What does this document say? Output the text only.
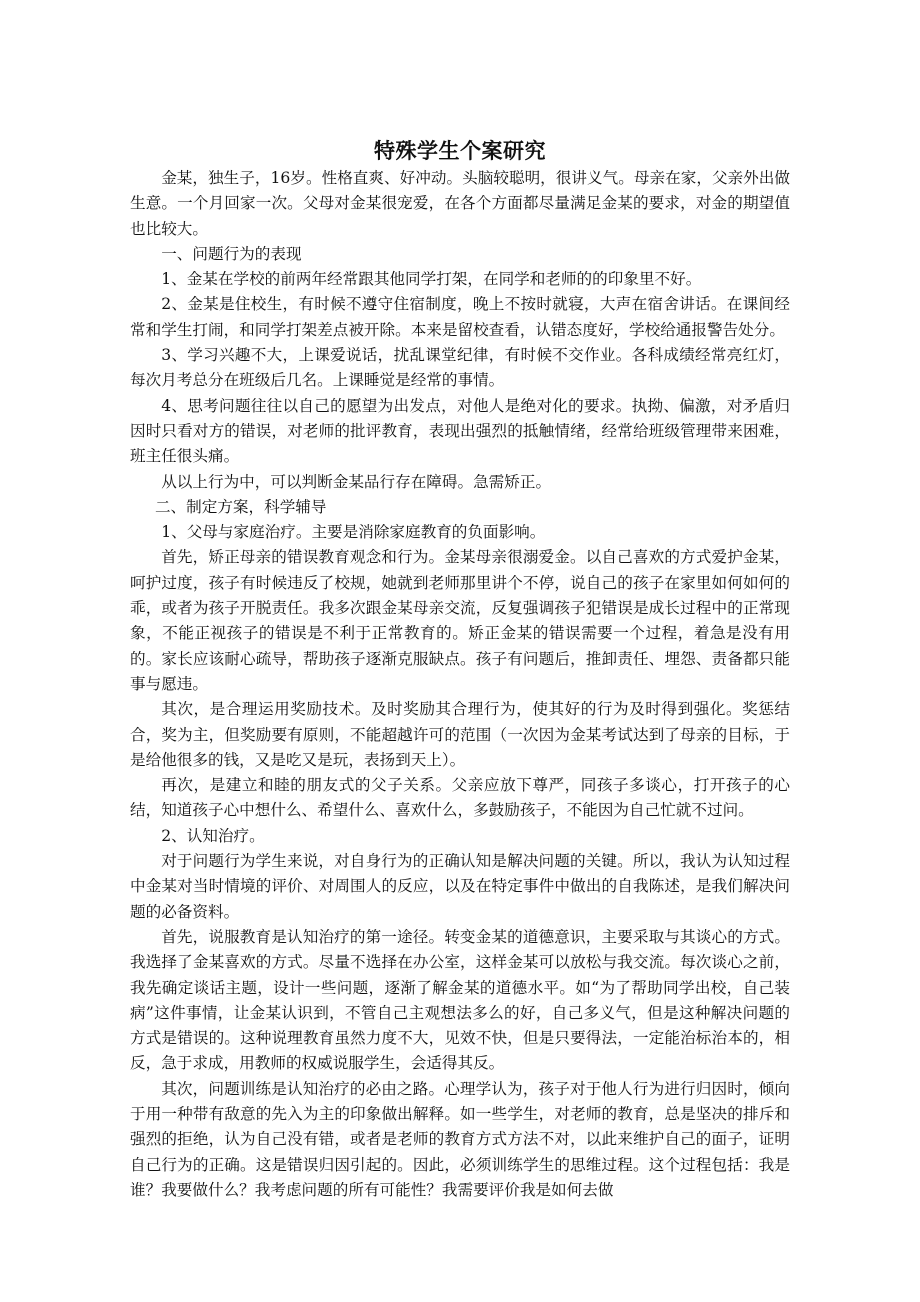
特殊学生个案研究

金某，独生子，16岁。性格直爽、好冲动。头脑较聪明，很讲义气。母亲在家，父亲外出做生意。一个月回家一次。父母对金某很宠爱，在各个方面都尽量满足金某的要求，对金的期望值也比较大。

一、问题行为的表现

1、金某在学校的前两年经常跟其他同学打架，在同学和老师的的印象里不好。

2、金某是住校生，有时候不遵守住宿制度，晚上不按时就寝，大声在宿舍讲话。在课间经常和学生打闹，和同学打架差点被开除。本来是留校查看，认错态度好，学校给通报警告处分。

3、学习兴趣不大，上课爱说话，扰乱课堂纪律，有时候不交作业。各科成绩经常亮红灯，每次月考总分在班级后几名。上课睡觉是经常的事情。

4、思考问题往往以自己的愿望为出发点，对他人是绝对化的要求。执拗、偏激，对矛盾归因时只看对方的错误，对老师的批评教育，表现出强烈的抵触情绪，经常给班级管理带来困难，班主任很头痛。

从以上行为中，可以判断金某品行存在障碍。急需矫正。

二、制定方案，科学辅导

1、父母与家庭治疗。主要是消除家庭教育的负面影响。

首先，矫正母亲的错误教育观念和行为。金某母亲很溺爱金。以自己喜欢的方式爱护金某，呵护过度，孩子有时候违反了校规，她就到老师那里讲个不停，说自己的孩子在家里如何如何的乖，或者为孩子开脱责任。我多次跟金某母亲交流，反复强调孩子犯错误是成长过程中的正常现象，不能正视孩子的错误是不利于正常教育的。矫正金某的错误需要一个过程，着急是没有用的。家长应该耐心疏导，帮助孩子逐渐克服缺点。孩子有问题后，推卸责任、埋怨、责备都只能事与愿违。

其次，是合理运用奖励技术。及时奖励其合理行为，使其好的行为及时得到强化。奖惩结合，奖为主，但奖励要有原则，不能超越许可的范围（一次因为金某考试达到了母亲的目标，于是给他很多的钱，又是吃又是玩，表扬到天上）。

再次，是建立和睦的朋友式的父子关系。父亲应放下尊严，同孩子多谈心，打开孩子的心结，知道孩子心中想什么、希望什么、喜欢什么，多鼓励孩子，不能因为自己忙就不过问。

2、认知治疗。

对于问题行为学生来说，对自身行为的正确认知是解决问题的关键。所以，我认为认知过程中金某对当时情境的评价、对周围人的反应，以及在特定事件中做出的自我陈述，是我们解决问题的必备资料。

首先，说服教育是认知治疗的第一途径。转变金某的道德意识，主要采取与其谈心的方式。我选择了金某喜欢的方式。尽量不选择在办公室，这样金某可以放松与我交流。每次谈心之前，我先确定谈话主题，设计一些问题，逐渐了解金某的道德水平。如“为了帮助同学出校，自己装病”这件事情，让金某认识到，不管自己主观想法多么的好，自己多义气，但是这种解决问题的方式是错误的。这种说理教育虽然力度不大，见效不快，但是只要得法，一定能治标治本的，相反，急于求成，用教师的权威说服学生，会适得其反。

其次，问题训练是认知治疗的必由之路。心理学认为，孩子对于他人行为进行归因时，倾向于用一种带有敌意的先入为主的印象做出解释。如一些学生，对老师的教育，总是坚决的排斥和强烈的拒绝，认为自己没有错，或者是老师的教育方式方法不对，以此来维护自己的面子，证明自己行为的正确。这是错误归因引起的。因此，必须训练学生的思维过程。这个过程包括：我是谁？我要做什么？我考虑问题的所有可能性？我需要评价我是如何去做
